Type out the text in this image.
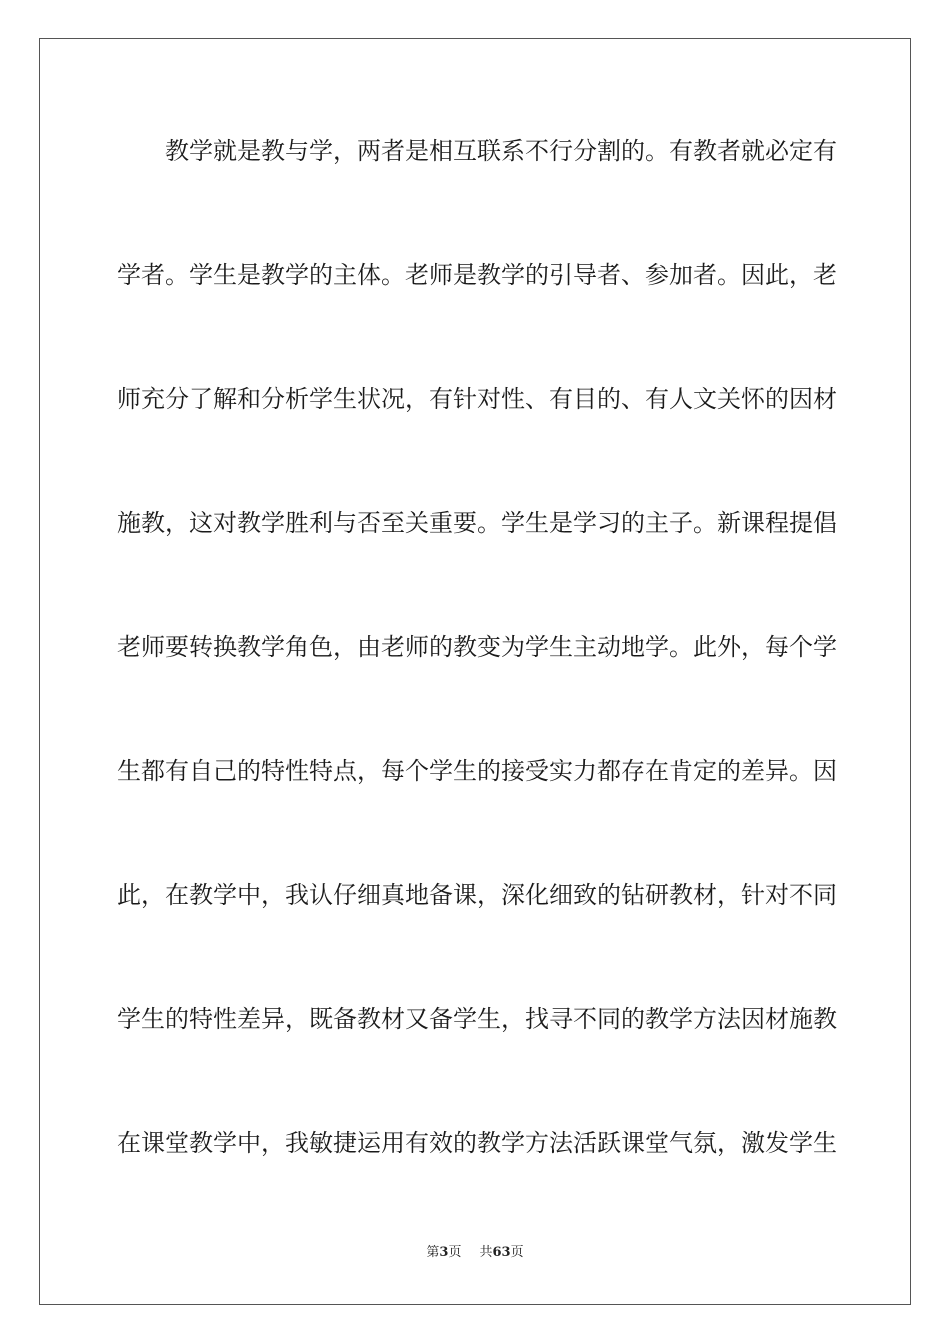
教学就是教与学，两者是相互联系不行分割的。有教者就必定有
学者。学生是教学的主体。老师是教学的引导者、参加者。因此，老
师充分了解和分析学生状况，有针对性、有目的、有人文关怀的因材
施教，这对教学胜利与否至关重要。学生是学习的主子。新课程提倡
老师要转换教学角色，由老师的教变为学生主动地学。此外，每个学
生都有自己的特性特点，每个学生的接受实力都存在肯定的差异。因
此，在教学中，我认仔细真地备课，深化细致的钻研教材，针对不同
学生的特性差异，既备教材又备学生，找寻不同的教学方法因材施教
在课堂教学中，我敏捷运用有效的教学方法活跃课堂气氛，激发学生
第3页 共63页
